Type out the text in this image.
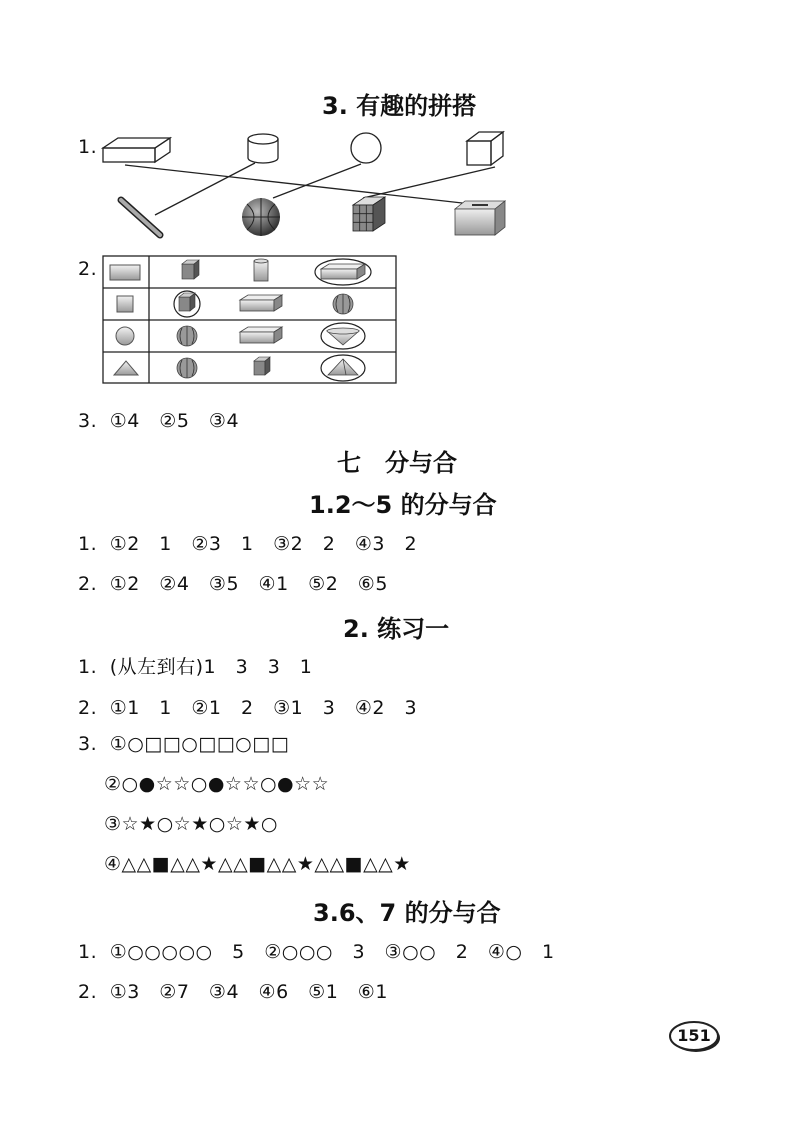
3. 有趣的拼搭
1.
2.
3. ①4　②5　③4
七　分与合
1.2～5 的分与合
1. ①2　1　②3　1　③2　2　④3　2
2. ①2　②4　③5　④1　⑤2　⑥5
2. 练习一
1. (从左到右)1　3　3　1
2. ①1　1　②1　2　③1　3　④2　3
3. ①○□□○□□○□□
②○●☆☆○●☆☆○●☆☆
③☆★○☆★○☆★○
④△△■△△★△△■△△★△△■△△★
3.6、7 的分与合
1. ①○○○○○　5　②○○○　3　③○○　2　④○　1
2. ①3　②7　③4　④6　⑤1　⑥1
151
